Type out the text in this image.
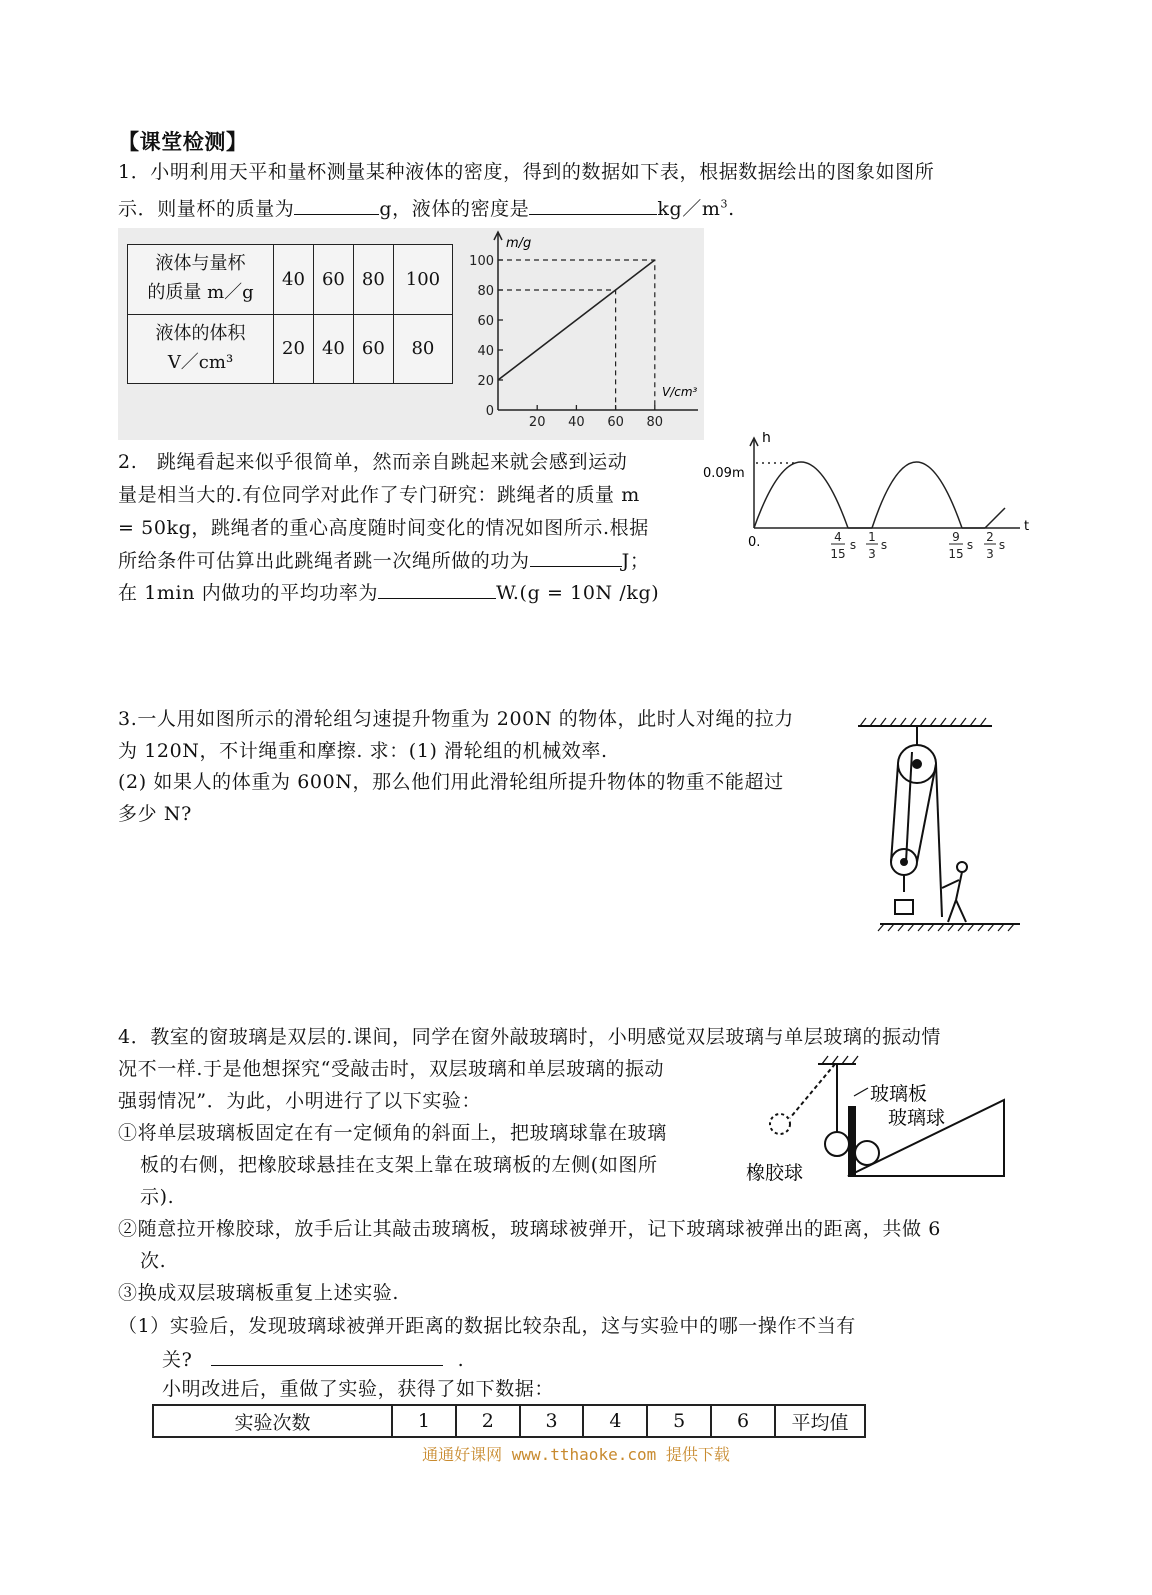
【课堂检测】
1．小明利用天平和量杯测量某种液体的密度，得到的数据如下表，根据数据绘出的图象如图所
示．则量杯的质量为	g，液体的密度是	$kg/m^3$.
液体与量杯
的质量 m／g	40	60	80	100
液体的体积
V／cm³	20	40	60	80
100
80
60
40
20
0
20 40 60 80
m/g
V/cm³
2.　跳绳看起来似乎很简单，然而亲自跳起来就会感到运动
量是相当大的.有位同学对此作了专门研究：跳绳者的质量 m
= 50kg，跳绳者的重心高度随时间变化的情况如图所示.根据
所给条件可估算出此跳绳者跳一次绳所做的功为	J；
在 1min 内做功的平均功率为	W.(g = 10N /kg)
h
t
0.09m
0.	4
15
s
1
3
s
9
15
s
2
3
s
3.一人用如图所示的滑轮组匀速提升物重为 200N 的物体，此时人对绳的拉力
为 120N，不计绳重和摩擦. 求：(1) 滑轮组的机械效率.
(2) 如果人的体重为 600N，那么他们用此滑轮组所提升物体的物重不能超过
多少 N?
4．教室的窗玻璃是双层的.课间，同学在窗外敲玻璃时，小明感觉双层玻璃与单层玻璃的振动情
况不一样.于是他想探究“受敲击时，双层玻璃和单层玻璃的振动
强弱情况”．为此，小明进行了以下实验：
①将单层玻璃板固定在有一定倾角的斜面上，把玻璃球靠在玻璃
板的右侧，把橡胶球悬挂在支架上靠在玻璃板的左侧(如图所
示).
②随意拉开橡胶球，放手后让其敲击玻璃板，玻璃球被弹开，记下玻璃球被弹出的距离，共做 6
次.
③换成双层玻璃板重复上述实验.
（1）实验后，发现玻璃球被弹开距离的数据比较杂乱，这与实验中的哪一操作不当有
关?	.
小明改进后，重做了实验，获得了如下数据：
玻璃板
玻璃球
橡胶球
实验次数	1	2	3	4	5	6	平均值
通通好课网 www.tthaoke.com 提供下载
